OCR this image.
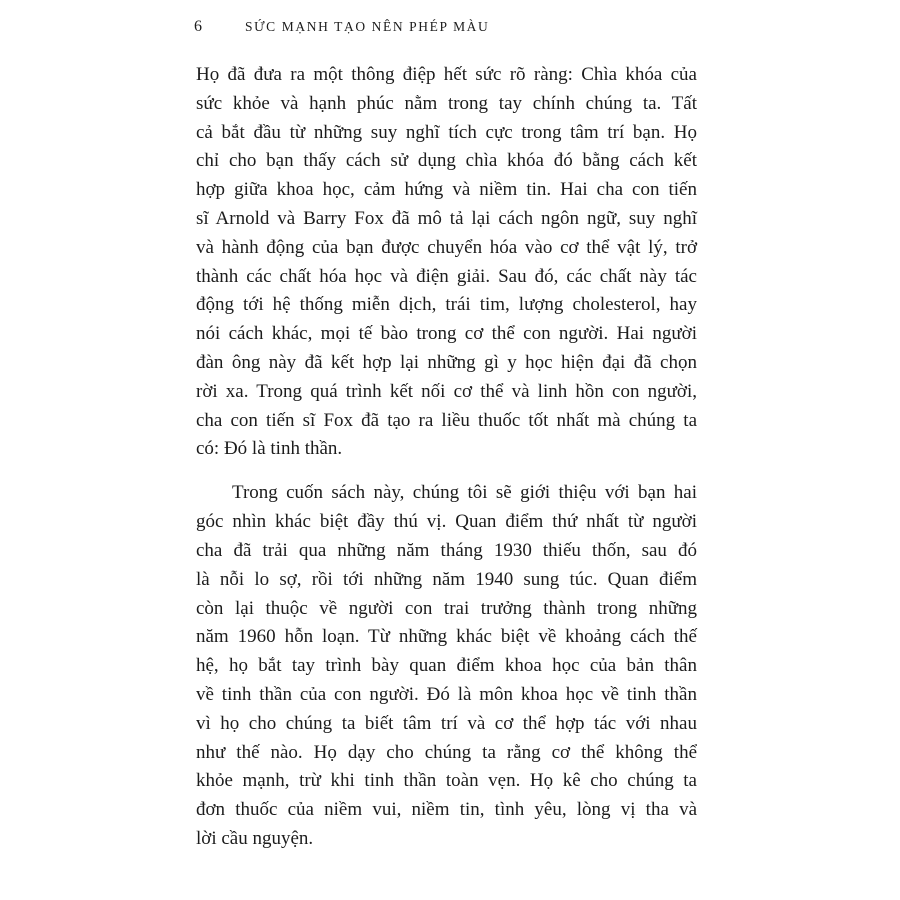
6	SỨC MẠNH TẠO NÊN PHÉP MÀU
Họ đã đưa ra một thông điệp hết sức rõ ràng: Chìa khóa của
sức khỏe và hạnh phúc nằm trong tay chính chúng ta. Tất
cả bắt đầu từ những suy nghĩ tích cực trong tâm trí bạn. Họ
chỉ cho bạn thấy cách sử dụng chìa khóa đó bằng cách kết
hợp giữa khoa học, cảm hứng và niềm tin. Hai cha con tiến
sĩ Arnold và Barry Fox đã mô tả lại cách ngôn ngữ, suy nghĩ
và hành động của bạn được chuyển hóa vào cơ thể vật lý, trở
thành các chất hóa học và điện giải. Sau đó, các chất này tác
động tới hệ thống miễn dịch, trái tim, lượng cholesterol, hay
nói cách khác, mọi tế bào trong cơ thể con người. Hai người
đàn ông này đã kết hợp lại những gì y học hiện đại đã chọn
rời xa. Trong quá trình kết nối cơ thể và linh hồn con người,
cha con tiến sĩ Fox đã tạo ra liều thuốc tốt nhất mà chúng ta
có: Đó là tinh thần.
Trong cuốn sách này, chúng tôi sẽ giới thiệu với bạn hai
góc nhìn khác biệt đầy thú vị. Quan điểm thứ nhất từ người
cha đã trải qua những năm tháng 1930 thiếu thốn, sau đó
là nỗi lo sợ, rồi tới những năm 1940 sung túc. Quan điểm
còn lại thuộc về người con trai trưởng thành trong những
năm 1960 hỗn loạn. Từ những khác biệt về khoảng cách thế
hệ, họ bắt tay trình bày quan điểm khoa học của bản thân
về tinh thần của con người. Đó là môn khoa học về tinh thần
vì họ cho chúng ta biết tâm trí và cơ thể hợp tác với nhau
như thế nào. Họ dạy cho chúng ta rằng cơ thể không thể
khỏe mạnh, trừ khi tinh thần toàn vẹn. Họ kê cho chúng ta
đơn thuốc của niềm vui, niềm tin, tình yêu, lòng vị tha và
lời cầu nguyện.
